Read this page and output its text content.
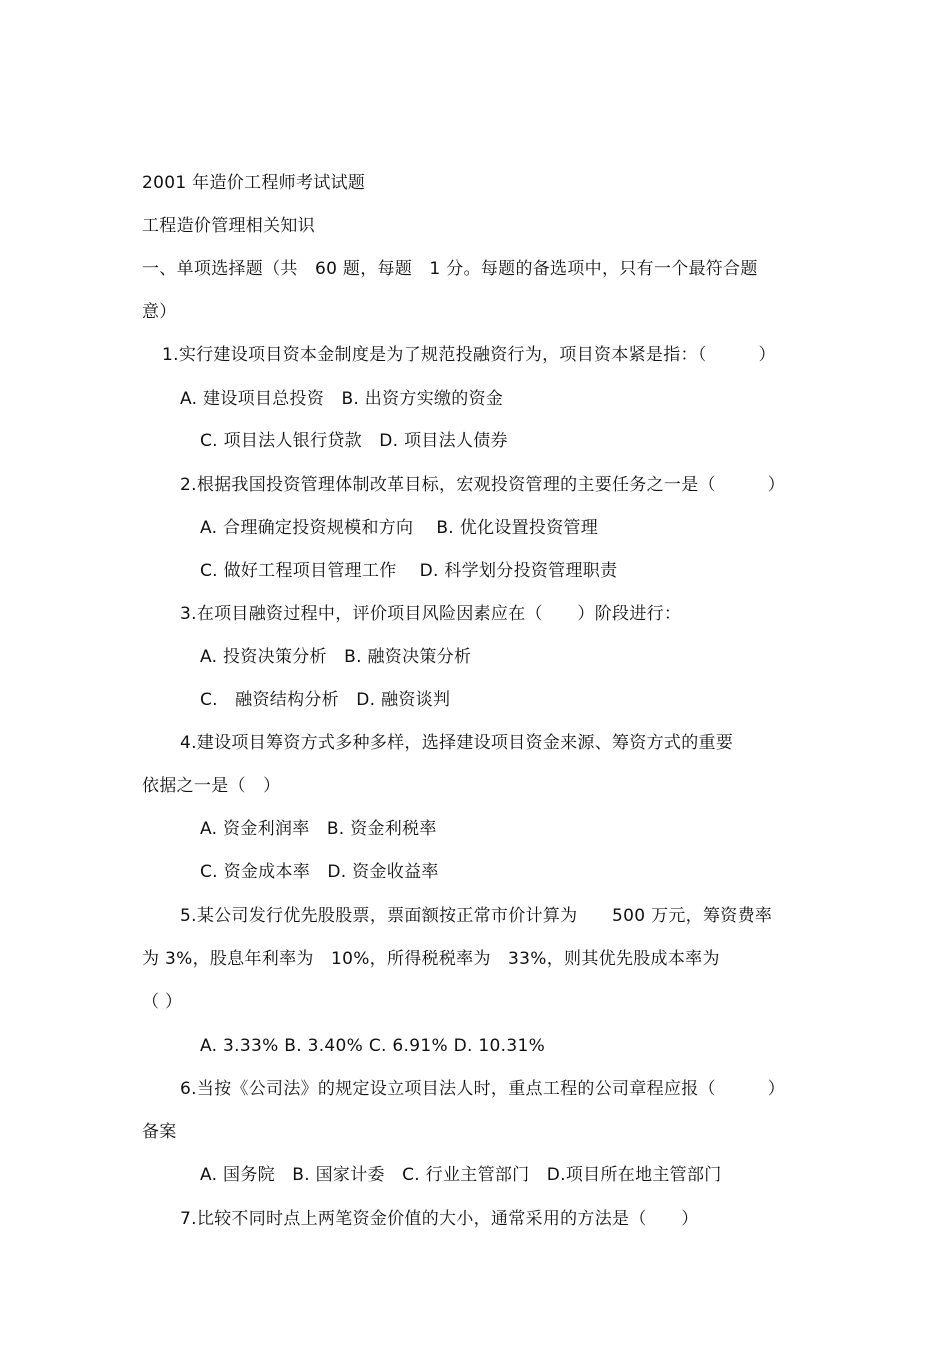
2001 年造价工程师考试试题
工程造价管理相关知识
一、单项选择题（共　60 题，每题　1 分。每题的备选项中，只有一个最符合题
意）
1.实行建设项目资本金制度是为了规范投融资行为，项目资本紧是指：（　　　）
A. 建设项目总投资　B. 出资方实缴的资金
C. 项目法人银行贷款　D. 项目法人债券
2.根据我国投资管理体制改革目标，宏观投资管理的主要任务之一是（　　　）
A. 合理确定投资规模和方向　 B. 优化设置投资管理
C. 做好工程项目管理工作　 D. 科学划分投资管理职责
3.在项目融资过程中，评价项目风险因素应在（　　）阶段进行：
A. 投资决策分析　B. 融资决策分析
C.　融资结构分析　D. 融资谈判
4.建设项目筹资方式多种多样，选择建设项目资金来源、筹资方式的重要
依据之一是（　）
A. 资金利润率　B. 资金利税率
C. 资金成本率　D. 资金收益率
5.某公司发行优先股股票，票面额按正常市价计算为　　500 万元，筹资费率
为 3%，股息年利率为　10%，所得税税率为　33%，则其优先股成本率为
（ ）
A. 3.33% B. 3.40% C. 6.91% D. 10.31%
6.当按《公司法》的规定设立项目法人时，重点工程的公司章程应报（　　　）
备案
A. 国务院　B. 国家计委　C. 行业主管部门　D.项目所在地主管部门
7.比较不同时点上两笔资金价值的大小，通常采用的方法是（　　）
